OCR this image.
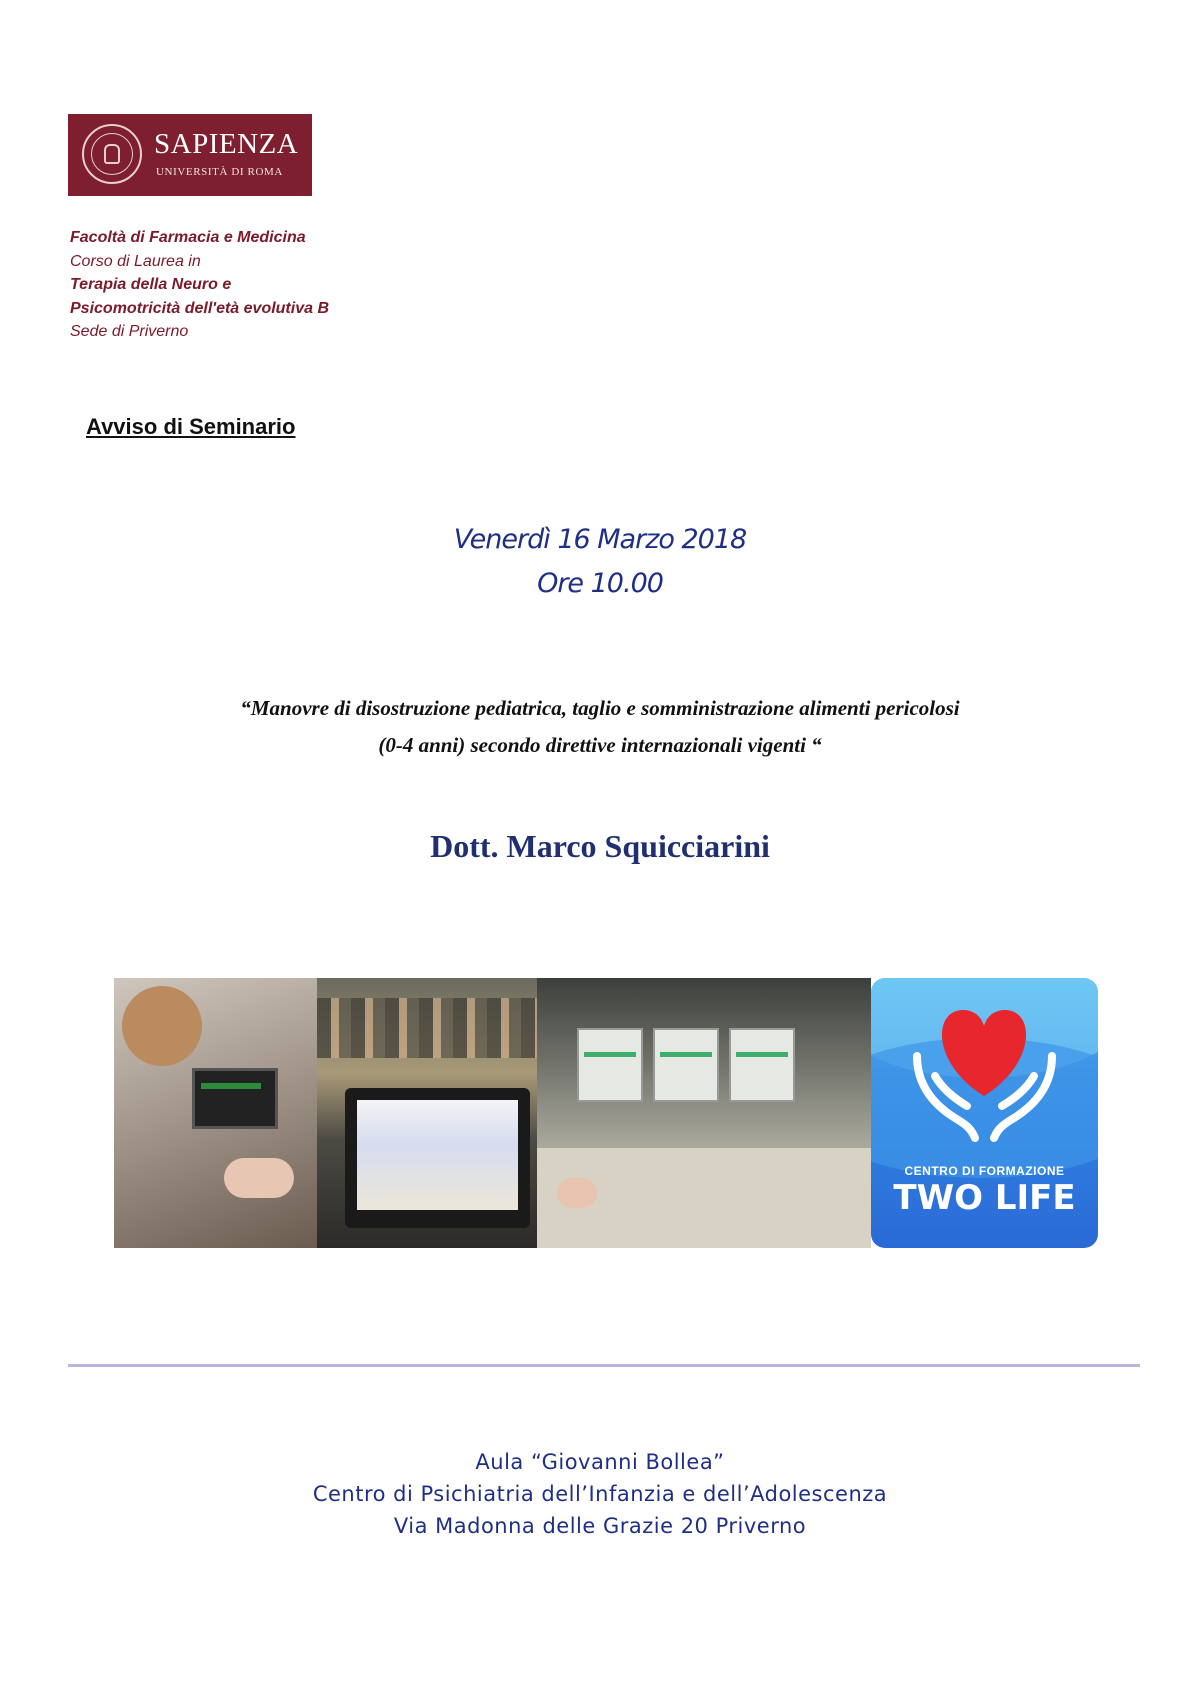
SAPIENZA
UNIVERSITÀ DI ROMA
Facoltà di Farmacia e Medicina
Corso di Laurea in
Terapia della Neuro e
Psicomotricità dell'età evolutiva B
Sede di Priverno
Avviso di Seminario
Venerdì 16 Marzo 2018
Ore 10.00
“Manovre di disostruzione pediatrica, taglio e somministrazione alimenti pericolosi
(0-4 anni) secondo direttive internazionali vigenti “
Dott. Marco Squicciarini
CENTRO DI FORMAZIONE
TWO LIFE
Aula “Giovanni Bollea”
Centro di Psichiatria dell’Infanzia e dell’Adolescenza
Via Madonna delle Grazie 20 Priverno
